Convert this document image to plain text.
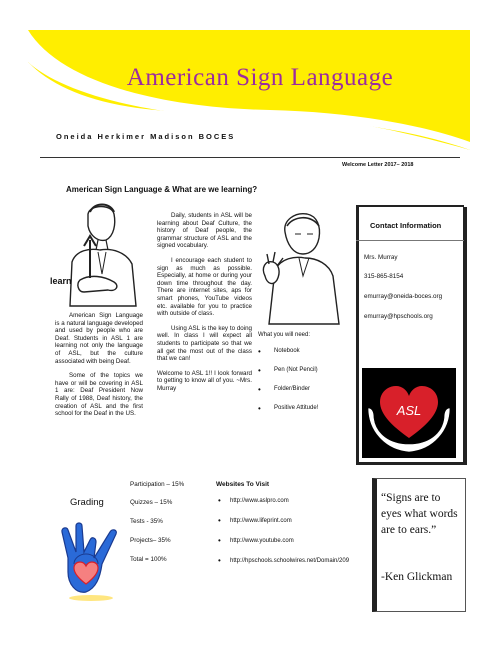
American Sign Language
Oneida Herkimer Madison BOCES
Welcome Letter 2017– 2018
American Sign Language & What are we learning?
learn

American Sign Language is a natural language developed and used by people who are Deaf. Students in ASL 1 are learning not only the language of ASL, but the culture associated with being Deaf.

Some of the topics we have or will be covering in ASL 1 are: Deaf President Now Rally of 1988, Deaf history, the creation of ASL and the first school for the Deaf in the US.

Daily, students in ASL will be learning about Deaf Culture, the history of Deaf people, the grammar structure of ASL and the signed vocabulary.

I encourage each student to sign as much as possible. Especially, at home or during your down time throughout the day. There are internet sites, aps for smart phones, YouTube videos etc. available for you to practice with outside of class.

Using ASL is the key to doing well. In class I will expect all students to participate so that we all get the most out of the class that we can!

Welcome to ASL 1!! I look forward to getting to know all of you. ~Mrs. Murray

What you will need:
• Notebook
• Pen (Not Pencil)
• Folder/Binder
• Positive Attitude!
Contact Information
Mrs. Murray
315-865-8154
emurray@oneida-boces.org
emurray@hpschools.org
ASL
Grading
Participation – 15%
Quizzes – 15%
Tests - 35%
Projects– 35%
Total = 100%
Websites To Visit
• http://www.aslpro.com
• http://www.lifeprint.com
• http://www.youtube.com
• http://hpschools.schoolwires.net/Domain/209
“Signs are to eyes what words are to ears.”
-Ken Glickman
